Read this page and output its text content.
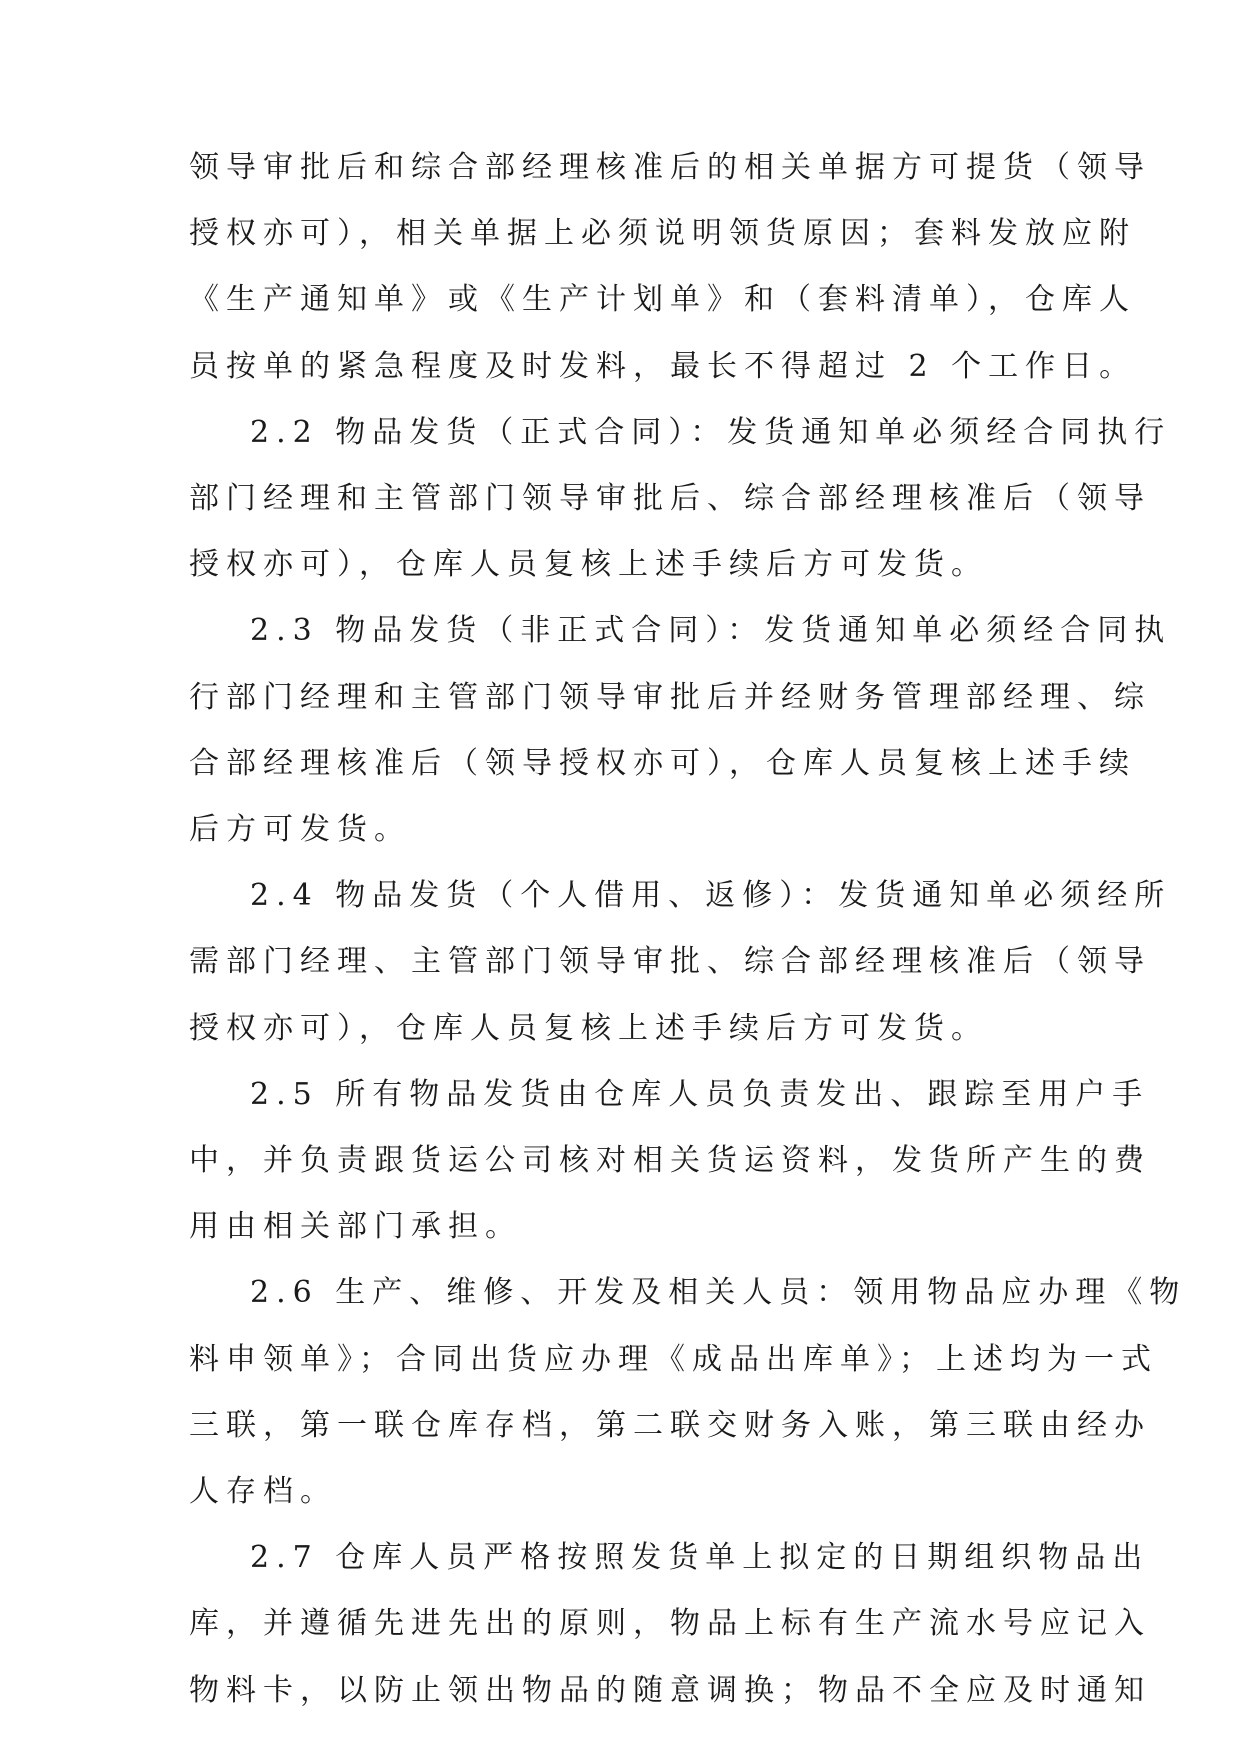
领导审批后和综合部经理核准后的相关单据方可提货（领导
授权亦可），相关单据上必须说明领货原因；套料发放应附
《生产通知单》或《生产计划单》和（套料清单），仓库人
员按单的紧急程度及时发料，最长不得超过 2 个工作日。
2.2 物品发货（正式合同）：发货通知单必须经合同执行
部门经理和主管部门领导审批后、综合部经理核准后（领导
授权亦可），仓库人员复核上述手续后方可发货。
2.3 物品发货（非正式合同）：发货通知单必须经合同执
行部门经理和主管部门领导审批后并经财务管理部经理、综
合部经理核准后（领导授权亦可），仓库人员复核上述手续
后方可发货。
2.4 物品发货（个人借用、返修）：发货通知单必须经所
需部门经理、主管部门领导审批、综合部经理核准后（领导
授权亦可），仓库人员复核上述手续后方可发货。
2.5 所有物品发货由仓库人员负责发出、跟踪至用户手
中，并负责跟货运公司核对相关货运资料，发货所产生的费
用由相关部门承担。
2.6 生产、维修、开发及相关人员：领用物品应办理《物
料申领单》；合同出货应办理《成品出库单》；上述均为一式
三联，第一联仓库存档，第二联交财务入账，第三联由经办
人存档。
2.7 仓库人员严格按照发货单上拟定的日期组织物品出
库，并遵循先进先出的原则，物品上标有生产流水号应记入
物料卡，以防止领出物品的随意调换；物品不全应及时通知
